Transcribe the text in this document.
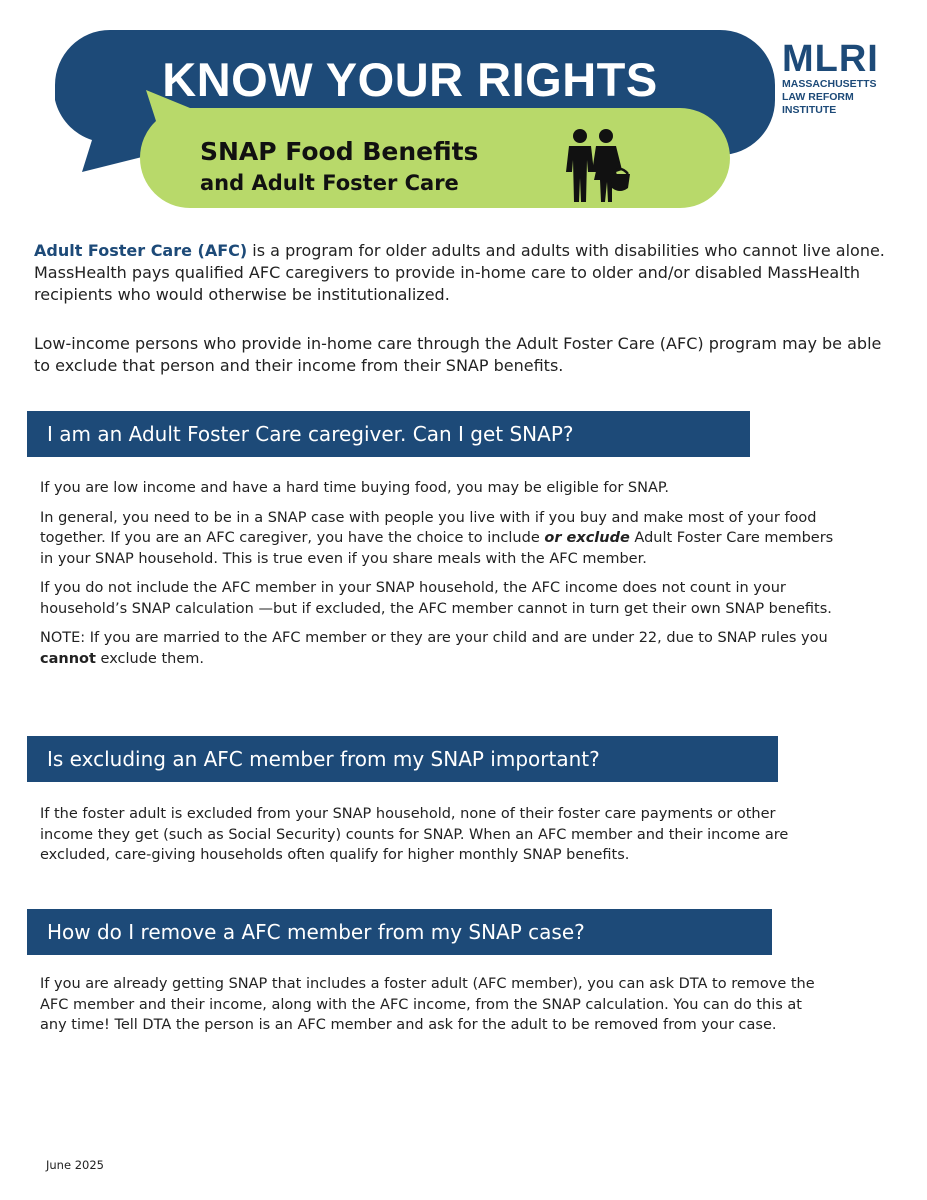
KNOW YOUR RIGHTS
SNAP Food Benefits
and Adult Foster Care
MLRI
MASSACHUSETTS
LAW REFORM
INSTITUTE
Adult Foster Care (AFC) is a program for older adults and adults with disabilities who cannot live alone. MassHealth pays qualified AFC caregivers to provide in-home care to older and/or disabled MassHealth recipients who would otherwise be institutionalized.
Low-income persons who provide in-home care through the Adult Foster Care (AFC) program may be able to exclude that person and their income from their SNAP benefits.
I am an Adult Foster Care caregiver. Can I get SNAP?

If you are low income and have a hard time buying food, you may be eligible for SNAP.

In general, you need to be in a SNAP case with people you live with if you buy and make most of your food together. If you are an AFC caregiver, you have the choice to include or exclude Adult Foster Care members in your SNAP household. This is true even if you share meals with the AFC member.

If you do not include the AFC member in your SNAP household, the AFC income does not count in your household’s SNAP calculation —but if excluded, the AFC member cannot in turn get their own SNAP benefits.

NOTE: If you are married to the AFC member or they are your child and are under 22, due to SNAP rules you cannot exclude them.

Is excluding an AFC member from my SNAP important?

If the foster adult is excluded from your SNAP household, none of their foster care payments or other income they get (such as Social Security) counts for SNAP. When an AFC member and their income are excluded, care-giving households often qualify for higher monthly SNAP benefits.

How do I remove a AFC member from my SNAP case?

If you are already getting SNAP that includes a foster adult (AFC member), you can ask DTA to remove the AFC member and their income, along with the AFC income, from the SNAP calculation. You can do this at any time! Tell DTA the person is an AFC member and ask for the adult to be removed from your case.

June 2025
